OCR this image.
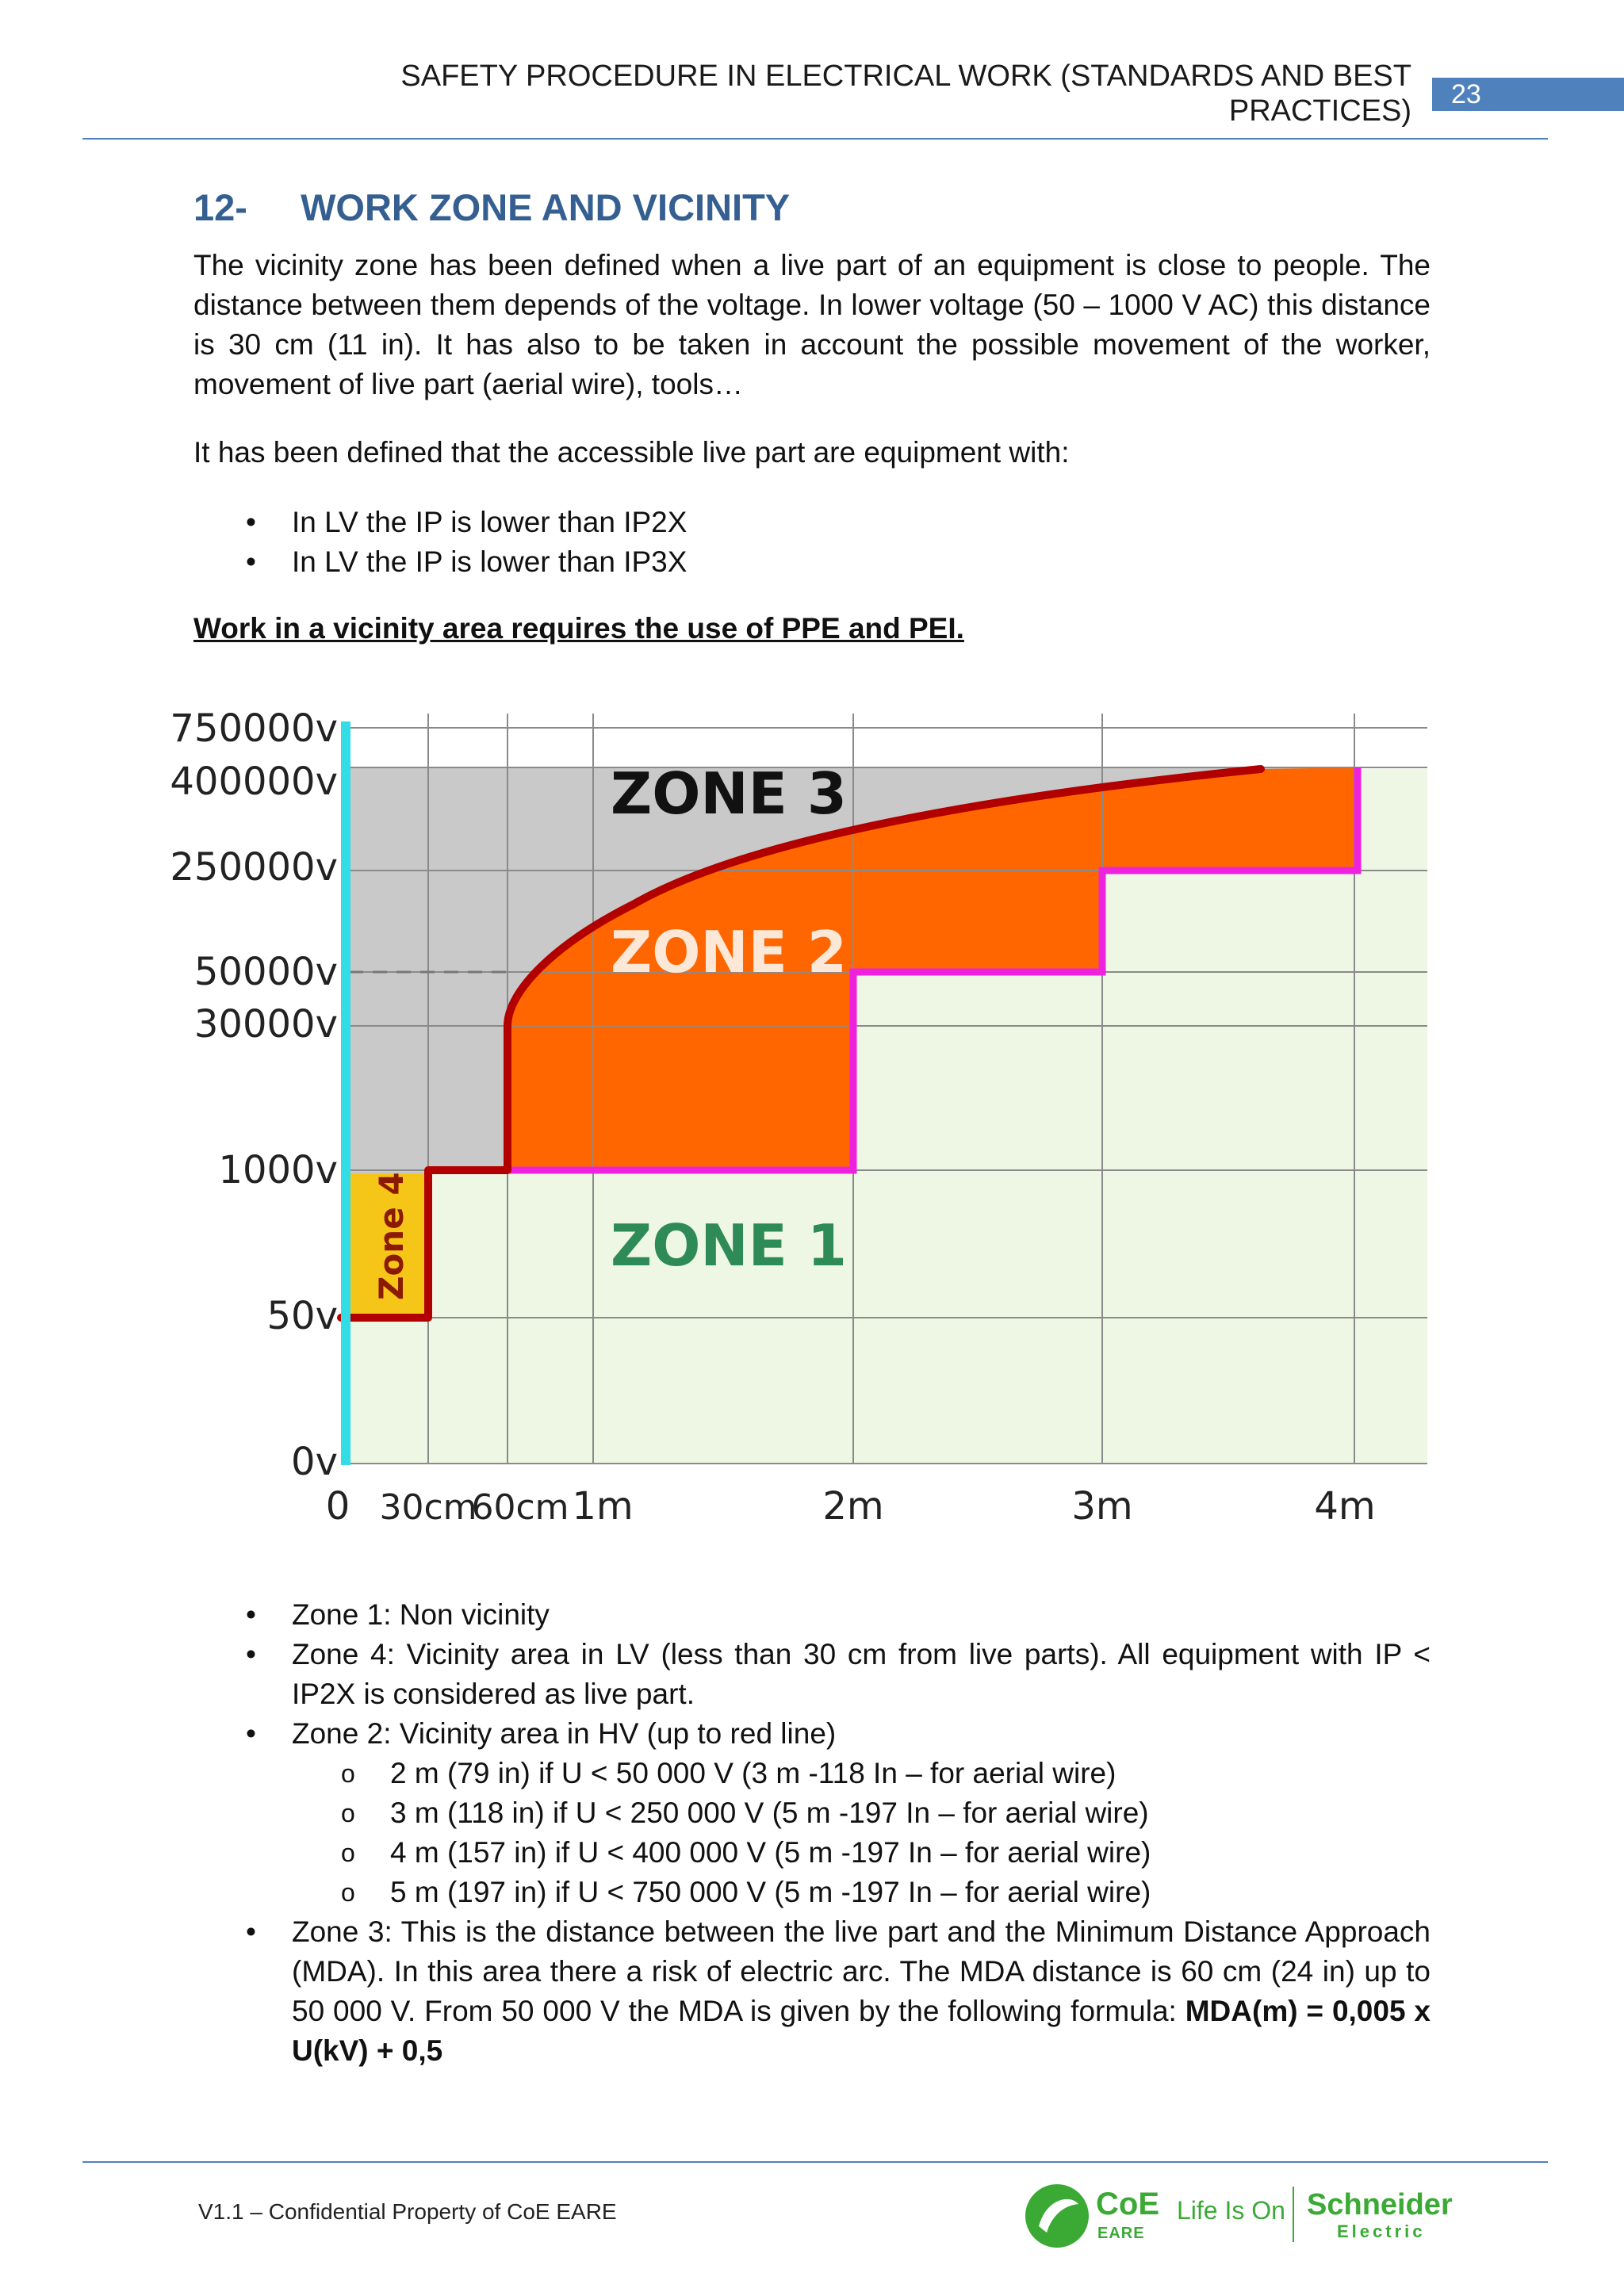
SAFETY PROCEDURE IN ELECTRICAL WORK (STANDARDS AND BEST
PRACTICES)	23
12- WORK ZONE AND VICINITY
The vicinity zone has been defined when a live part of an equipment is close to people. The distance between them depends of the voltage. In lower voltage (50 – 1000 V AC) this distance is 30 cm (11 in). It has also to be taken in account the possible movement of the worker, movement of live part (aerial wire), tools…
It has been defined that the accessible live part are equipment with:
• In LV the IP is lower than IP2X
• In LV the IP is lower than IP3X
Work in a vicinity area requires the use of PPE and PEI.
ZONE 3
ZONE 2
ZONE 1
Zone 4
750000v
400000v
250000v
50000v
30000v
1000v
50v
0v
0 30cm
60cm 1m	2m	3m	4m
• Zone 1: Non vicinity
• Zone 4: Vicinity area in LV (less than 30 cm from live parts). All equipment with IP < IP2X is considered as live part.
• Zone 2: Vicinity area in HV (up to red line)
o 2 m (79 in) if U < 50 000 V (3 m -118 In – for aerial wire)
o 3 m (118 in) if U < 250 000 V (5 m -197 In – for aerial wire)
o 4 m (157 in) if U < 400 000 V (5 m -197 In – for aerial wire)
o 5 m (197 in) if U < 750 000 V (5 m -197 In – for aerial wire)
• Zone 3: This is the distance between the live part and the Minimum Distance Approach (MDA). In this area there a risk of electric arc. The MDA distance is 60 cm (24 in) up to 50 000 V. From 50 000 V the MDA is given by the following formula: MDA(m) = 0,005 x U(kV) + 0,5
V1.1 – Confidential Property of CoE EARE	CoE
EARE
Life Is On Schneider
Electric
